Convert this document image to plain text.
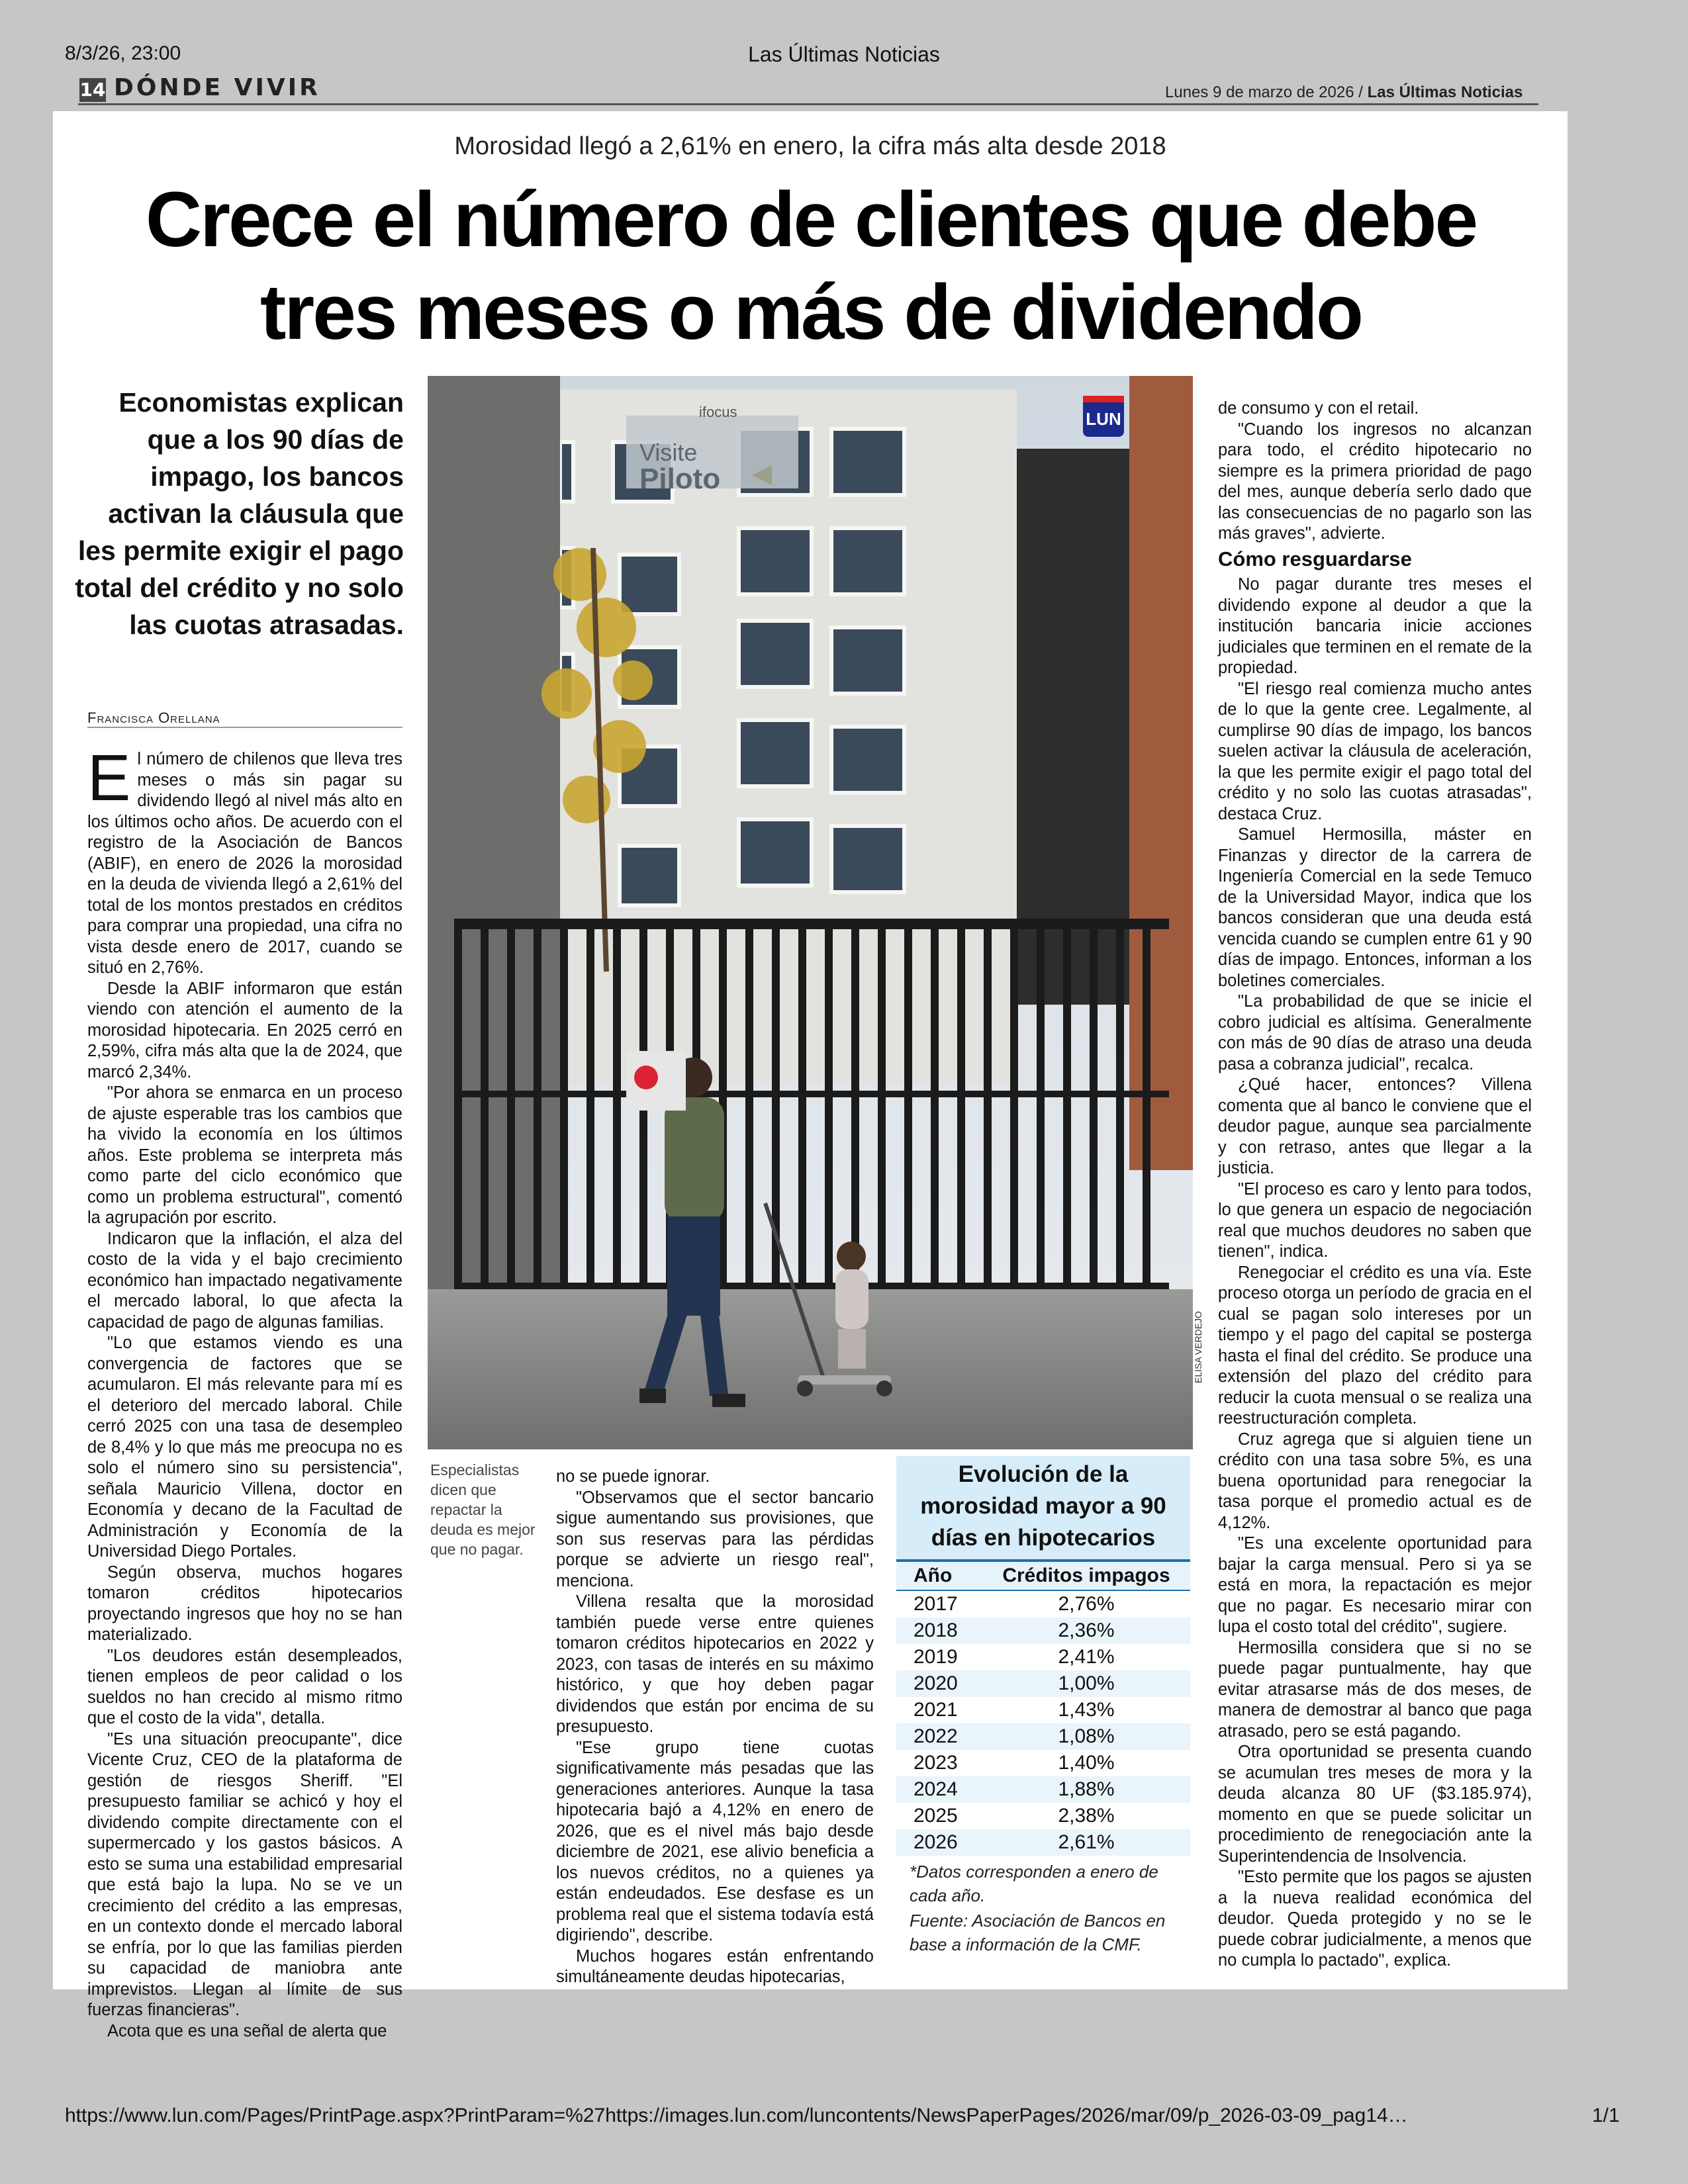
8/3/26, 23:00	Las Últimas Noticias
https://www.lun.com/Pages/PrintPage.aspx?PrintParam=%27https://images.lun.com/luncontents/NewsPaperPages/2026/mar/09/p_2026-03-09_pag14…	1/1
14 DÓNDE VIVIR	Lunes 9 de marzo de 2026 / Las Últimas Noticias
Morosidad llegó a 2,61% en enero, la cifra más alta desde 2018
Crece el número de clientes que debe
tres meses o más de dividendo
Economistas explican que a los 90 días de impago, los bancos activan la cláusula que les permite exigir el pago total del crédito y no solo las cuotas atrasadas.
Francisca Orellana

El número de chilenos que lleva tres meses o más sin pagar su dividendo llegó al nivel más alto en los últimos ocho años. De acuerdo con el registro de la Asociación de Bancos (ABIF), en enero de 2026 la morosidad en la deuda de vivienda llegó a 2,61% del total de los montos prestados en créditos para comprar una propiedad, una cifra no vista desde enero de 2017, cuando se situó en 2,76%.

Desde la ABIF informaron que están viendo con atención el aumento de la morosidad hipotecaria. En 2025 cerró en 2,59%, cifra más alta que la de 2024, que marcó 2,34%.

"Por ahora se enmarca en un proceso de ajuste esperable tras los cambios que ha vivido la economía en los últimos años. Este problema se interpreta más como parte del ciclo económico que como un problema estructural", comentó la agrupación por escrito.

Indicaron que la inflación, el alza del costo de la vida y el bajo crecimiento económico han impactado negativamente el mercado laboral, lo que afecta la capacidad de pago de algunas familias.

"Lo que estamos viendo es una convergencia de factores que se acumularon. El más relevante para mí es el deterioro del mercado laboral. Chile cerró 2025 con una tasa de desempleo de 8,4% y lo que más me preocupa no es solo el número sino su persistencia", señala Mauricio Villena, doctor en Economía y decano de la Facultad de Administración y Economía de la Universidad Diego Portales.

Según observa, muchos hogares tomaron créditos hipotecarios proyectando ingresos que hoy no se han materializado.

"Los deudores están desempleados, tienen empleos de peor calidad o los sueldos no han crecido al mismo ritmo que el costo de la vida", detalla.

"Es una situación preocupante", dice Vicente Cruz, CEO de la plataforma de gestión de riesgos Sheriff. "El presupuesto familiar se achicó y hoy el dividendo compite directamente con el supermercado y los gastos básicos. A esto se suma una estabilidad empresarial que está bajo la lupa. No se ve un crecimiento del crédito a las empresas, en un contexto donde el mercado laboral se enfría, por lo que las familias pierden su capacidad de maniobra ante imprevistos. Llegan al límite de sus fuerzas financieras".

Acota que es una señal de alerta que

Visite
Piloto
ifocus	LUN
ELISA VERDEJO
Especialistas dicen que repactar la deuda es mejor que no pagar.

no se puede ignorar.

"Observamos que el sector bancario sigue aumentando sus provisiones, que son sus reservas para las pérdidas porque se advierte un riesgo real", menciona.

Villena resalta que la morosidad también puede verse entre quienes tomaron créditos hipotecarios en 2022 y 2023, con tasas de interés en su máximo histórico, y que hoy deben pagar dividendos que están por encima de su presupuesto.

"Ese grupo tiene cuotas significativamente más pesadas que las generaciones anteriores. Aunque la tasa hipotecaria bajó a 4,12% en enero de 2026, que es el nivel más bajo desde diciembre de 2021, ese alivio beneficia a los nuevos créditos, no a quienes ya están endeudados. Ese desfase es un problema real que el sistema todavía está digiriendo", describe.

Muchos hogares están enfrentando simultáneamente deudas hipotecarias,

Evolución de la morosidad mayor a 90 días en hipotecarios
Año	Créditos impagos
2017	2,76%
2018	2,36%
2019	2,41%
2020	1,00%
2021	1,43%
2022	1,08%
2023	1,40%
2024	1,88%
2025	2,38%
2026	2,61%
*Datos corresponden a enero de cada año.
Fuente: Asociación de Bancos en base a información de la CMF.

de consumo y con el retail.

"Cuando los ingresos no alcanzan para todo, el crédito hipotecario no siempre es la primera prioridad de pago del mes, aunque debería serlo dado que las consecuencias de no pagarlo son las más graves", advierte.

Cómo resguardarse

No pagar durante tres meses el dividendo expone al deudor a que la institución bancaria inicie acciones judiciales que terminen en el remate de la propiedad.

"El riesgo real comienza mucho antes de lo que la gente cree. Legalmente, al cumplirse 90 días de impago, los bancos suelen activar la cláusula de aceleración, la que les permite exigir el pago total del crédito y no solo las cuotas atrasadas", destaca Cruz.

Samuel Hermosilla, máster en Finanzas y director de la carrera de Ingeniería Comercial en la sede Temuco de la Universidad Mayor, indica que los bancos consideran que una deuda está vencida cuando se cumplen entre 61 y 90 días de impago. Entonces, informan a los boletines comerciales.

"La probabilidad de que se inicie el cobro judicial es altísima. Generalmente con más de 90 días de atraso una deuda pasa a cobranza judicial", recalca.

¿Qué hacer, entonces? Villena comenta que al banco le conviene que el deudor pague, aunque sea parcialmente y con retraso, antes que llegar a la justicia.

"El proceso es caro y lento para todos, lo que genera un espacio de negociación real que muchos deudores no saben que tienen", indica.

Renegociar el crédito es una vía. Este proceso otorga un período de gracia en el cual se pagan solo intereses por un tiempo y el pago del capital se posterga hasta el final del crédito. Se produce una extensión del plazo del crédito para reducir la cuota mensual o se realiza una reestructuración completa.

Cruz agrega que si alguien tiene un crédito con una tasa sobre 5%, es una buena oportunidad para renegociar la tasa porque el promedio actual es de 4,12%.

"Es una excelente oportunidad para bajar la carga mensual. Pero si ya se está en mora, la repactación es mejor que no pagar. Es necesario mirar con lupa el costo total del crédito", sugiere.

Hermosilla considera que si no se puede pagar puntualmente, hay que evitar atrasarse más de dos meses, de manera de demostrar al banco que paga atrasado, pero se está pagando.

Otra oportunidad se presenta cuando se acumulan tres meses de mora y la deuda alcanza 80 UF ($3.185.974), momento en que se puede solicitar un procedimiento de renegociación ante la Superintendencia de Insolvencia.

"Esto permite que los pagos se ajusten a la nueva realidad económica del deudor. Queda protegido y no se le puede cobrar judicialmente, a menos que no cumpla lo pactado", explica.
